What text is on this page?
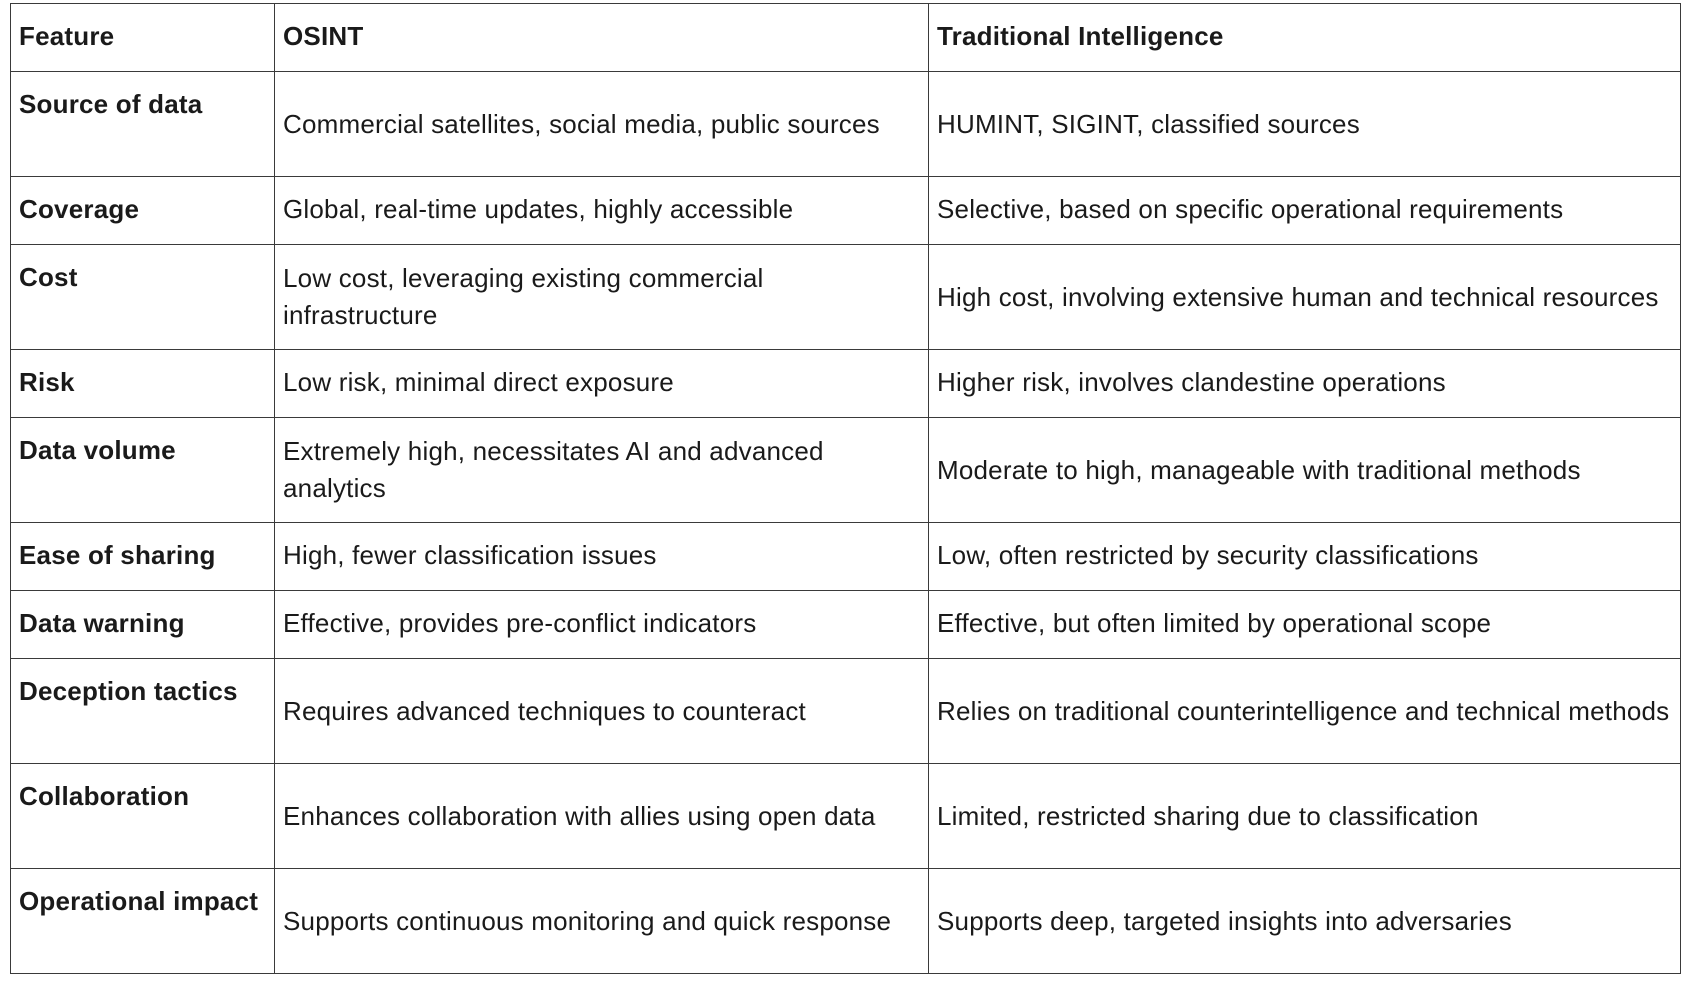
Feature	OSINT	Traditional Intelligence
Source of data	Commercial satellites, social media, public sources	HUMINT, SIGINT, classified sources
Coverage	Global, real-time updates, highly accessible	Selective, based on specific operational requirements
Cost	Low cost, leveraging existing commercial infrastructure	High cost, involving extensive human and technical resources
Risk	Low risk, minimal direct exposure	Higher risk, involves clandestine operations
Data volume	Extremely high, necessitates AI and advanced analytics	Moderate to high, manageable with traditional methods
Ease of sharing	High, fewer classification issues	Low, often restricted by security classifications
Data warning	Effective, provides pre-conflict indicators	Effective, but often limited by operational scope
Deception tactics	Requires advanced techniques to counteract	Relies on traditional counterintelligence and technical methods
Collaboration	Enhances collaboration with allies using open data	Limited, restricted sharing due to classification
Operational impact	Supports continuous monitoring and quick response	Supports deep, targeted insights into adversaries
